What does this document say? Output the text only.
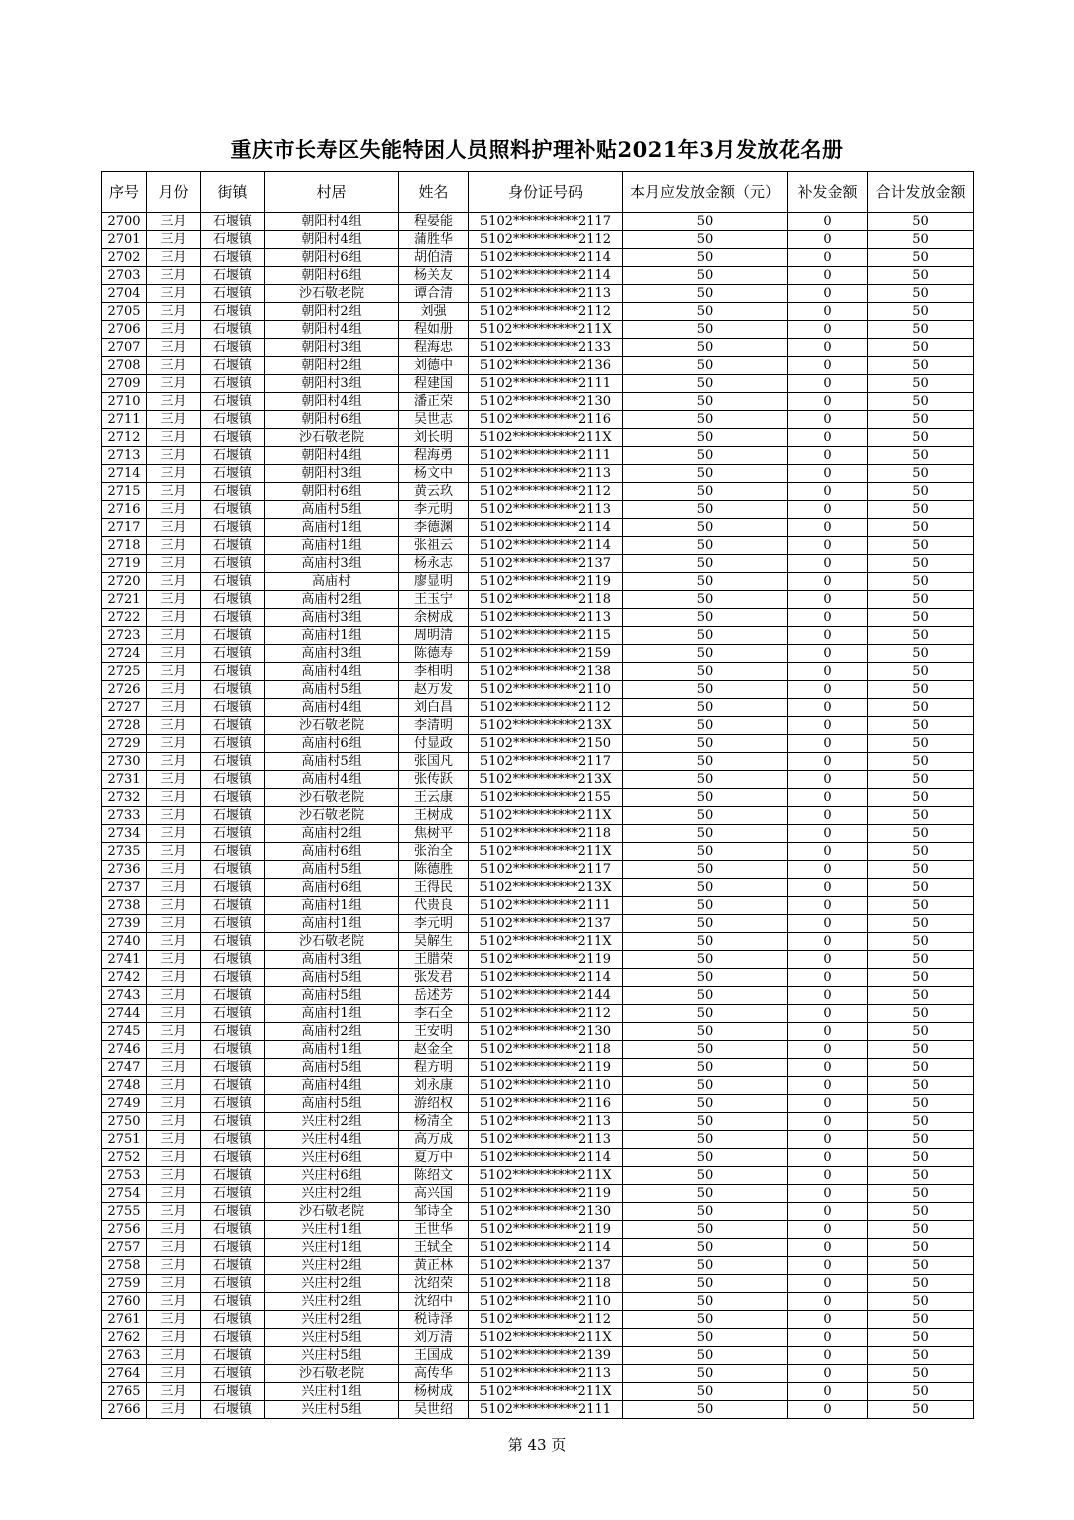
重庆市长寿区失能特困人员照料护理补贴2021年3月发放花名册
序号	月份	街镇	村居	姓名	身份证号码	本月应发放金额（元）	补发金额	合计发放金额
2700	三月	石堰镇	朝阳村4组	程晏能	5102**********2117	50	0	50
2701	三月	石堰镇	朝阳村4组	蒲胜华	5102**********2112	50	0	50
2702	三月	石堰镇	朝阳村6组	胡伯清	5102**********2114	50	0	50
2703	三月	石堰镇	朝阳村6组	杨关友	5102**********2114	50	0	50
2704	三月	石堰镇	沙石敬老院	谭合清	5102**********2113	50	0	50
2705	三月	石堰镇	朝阳村2组	刘强	5102**********2112	50	0	50
2706	三月	石堰镇	朝阳村4组	程如册	5102**********211X	50	0	50
2707	三月	石堰镇	朝阳村3组	程海忠	5102**********2133	50	0	50
2708	三月	石堰镇	朝阳村2组	刘德中	5102**********2136	50	0	50
2709	三月	石堰镇	朝阳村3组	程建国	5102**********2111	50	0	50
2710	三月	石堰镇	朝阳村4组	潘正荣	5102**********2130	50	0	50
2711	三月	石堰镇	朝阳村6组	吴世志	5102**********2116	50	0	50
2712	三月	石堰镇	沙石敬老院	刘长明	5102**********211X	50	0	50
2713	三月	石堰镇	朝阳村4组	程海勇	5102**********2111	50	0	50
2714	三月	石堰镇	朝阳村3组	杨文中	5102**********2113	50	0	50
2715	三月	石堰镇	朝阳村6组	黄云玖	5102**********2112	50	0	50
2716	三月	石堰镇	高庙村5组	李元明	5102**********2113	50	0	50
2717	三月	石堰镇	高庙村1组	李德渊	5102**********2114	50	0	50
2718	三月	石堰镇	高庙村1组	张祖云	5102**********2114	50	0	50
2719	三月	石堰镇	高庙村3组	杨永志	5102**********2137	50	0	50
2720	三月	石堰镇	高庙村	廖显明	5102**********2119	50	0	50
2721	三月	石堰镇	高庙村2组	王玉宁	5102**********2118	50	0	50
2722	三月	石堰镇	高庙村3组	余树成	5102**********2113	50	0	50
2723	三月	石堰镇	高庙村1组	周明清	5102**********2115	50	0	50
2724	三月	石堰镇	高庙村3组	陈德寿	5102**********2159	50	0	50
2725	三月	石堰镇	高庙村4组	李相明	5102**********2138	50	0	50
2726	三月	石堰镇	高庙村5组	赵万发	5102**********2110	50	0	50
2727	三月	石堰镇	高庙村4组	刘白昌	5102**********2112	50	0	50
2728	三月	石堰镇	沙石敬老院	李清明	5102**********213X	50	0	50
2729	三月	石堰镇	高庙村6组	付显政	5102**********2150	50	0	50
2730	三月	石堰镇	高庙村5组	张国凡	5102**********2117	50	0	50
2731	三月	石堰镇	高庙村4组	张传跃	5102**********213X	50	0	50
2732	三月	石堰镇	沙石敬老院	王云康	5102**********2155	50	0	50
2733	三月	石堰镇	沙石敬老院	王树成	5102**********211X	50	0	50
2734	三月	石堰镇	高庙村2组	焦树平	5102**********2118	50	0	50
2735	三月	石堰镇	高庙村6组	张治全	5102**********211X	50	0	50
2736	三月	石堰镇	高庙村5组	陈德胜	5102**********2117	50	0	50
2737	三月	石堰镇	高庙村6组	王得民	5102**********213X	50	0	50
2738	三月	石堰镇	高庙村1组	代贵良	5102**********2111	50	0	50
2739	三月	石堰镇	高庙村1组	李元明	5102**********2137	50	0	50
2740	三月	石堰镇	沙石敬老院	吴解生	5102**********211X	50	0	50
2741	三月	石堰镇	高庙村3组	王腊荣	5102**********2119	50	0	50
2742	三月	石堰镇	高庙村5组	张发君	5102**********2114	50	0	50
2743	三月	石堰镇	高庙村5组	岳述芳	5102**********2144	50	0	50
2744	三月	石堰镇	高庙村1组	李石全	5102**********2112	50	0	50
2745	三月	石堰镇	高庙村2组	王安明	5102**********2130	50	0	50
2746	三月	石堰镇	高庙村1组	赵金全	5102**********2118	50	0	50
2747	三月	石堰镇	高庙村5组	程方明	5102**********2119	50	0	50
2748	三月	石堰镇	高庙村4组	刘永康	5102**********2110	50	0	50
2749	三月	石堰镇	高庙村5组	游绍权	5102**********2116	50	0	50
2750	三月	石堰镇	兴庄村2组	杨清全	5102**********2113	50	0	50
2751	三月	石堰镇	兴庄村4组	高万成	5102**********2113	50	0	50
2752	三月	石堰镇	兴庄村6组	夏万中	5102**********2114	50	0	50
2753	三月	石堰镇	兴庄村6组	陈绍文	5102**********211X	50	0	50
2754	三月	石堰镇	兴庄村2组	高兴国	5102**********2119	50	0	50
2755	三月	石堰镇	沙石敬老院	邹诗全	5102**********2130	50	0	50
2756	三月	石堰镇	兴庄村1组	王世华	5102**********2119	50	0	50
2757	三月	石堰镇	兴庄村1组	王轼全	5102**********2114	50	0	50
2758	三月	石堰镇	兴庄村2组	黄正林	5102**********2137	50	0	50
2759	三月	石堰镇	兴庄村2组	沈绍荣	5102**********2118	50	0	50
2760	三月	石堰镇	兴庄村2组	沈绍中	5102**********2110	50	0	50
2761	三月	石堰镇	兴庄村2组	税诗泽	5102**********2112	50	0	50
2762	三月	石堰镇	兴庄村5组	刘万清	5102**********211X	50	0	50
2763	三月	石堰镇	兴庄村5组	王国成	5102**********2139	50	0	50
2764	三月	石堰镇	沙石敬老院	高传华	5102**********2113	50	0	50
2765	三月	石堰镇	兴庄村1组	杨树成	5102**********211X	50	0	50
2766	三月	石堰镇	兴庄村5组	吴世绍	5102**********2111	50	0	50
第 43 页
